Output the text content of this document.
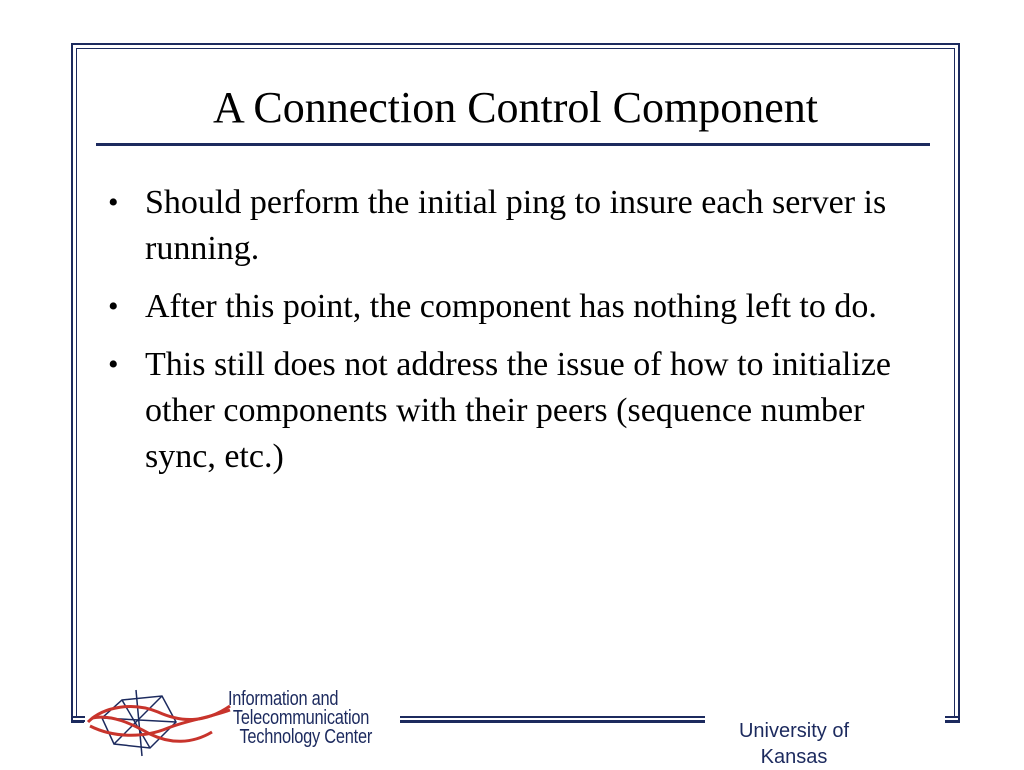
A Connection Control Component
• Should perform the initial ping to insure each server is running.
• After this point, the component has nothing left to do.
• This still does not address the issue of how to initialize other components with their peers (sequence number sync, etc.)
Information and
Telecommunication
Technology Center	University of Kansas
